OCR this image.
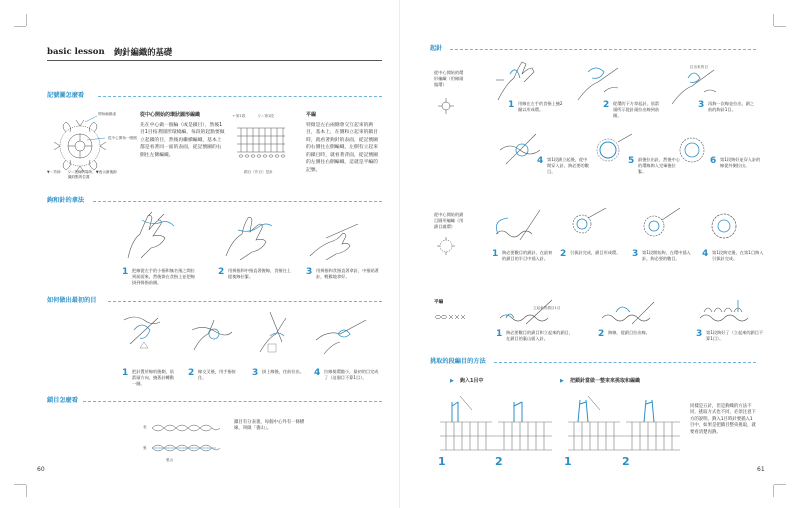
basic lesson 鉤針編織的基礎
記號圖怎麼看
開始編織處
從中心開始一圈圈
▼＝剪線 ▽＝加線的場所，▼表示最後鉤織終點的位置
從中心開始的環狀圓形編織
先在中心做一個輪（或是鎖目），然後1目1目按著圓形環繞編，每段的起點要做立起鎖的目，然後再繼續編織，基本上都是看著同一面的表面，從記號圖的右側往左側編織。
←第1段	▽＝第1段
鎖目（作目）是針
平編
特徵是左右兩側會交互起來的鉤目，基本上，在側和立起來的鎖目時，就看著鉤針的表面，從記號圖的右側往左側編織，左側有立起來的鎖目時，就看著背面，從記號圖的左側往右側編織，這就是平編的記號。
鉤和針的拿法
1 把線從左手的小指和無名指之間拉到前面來，然後掛在食指上並把線掛到拇指前側。
2 用拇指和中指直著握線，食指往上提使線拉緊。	3 用拇指和食指直著拿針，中指貼著針，輕鬆地拿好。
如何做出最初的目
1 把針置於線的後側，依箭頭方向，繞著針轉動一圈。
2 線交叉後，用手指按住。	3 掛上線後，往前拉出。	4 拉線使環縮小，最初的目完成了（這個目不算1目）。
鎖目怎麼看
表
裏
裏山
鎖目有分表裏，每個中心外有一條横線，叫做「裏山」。
60
起針
從中心開始的環形編織（用線頭做環）
拉出來的目
1 用線在左手的食指上繞2圈以形成環。	2 從環的下方拿起針，依箭頭所示從針頭拉出線到前側。
3 再鉤一次線並拉出，鎖之前的鉤針1目。
4 第1段鎖立起後，從中間穿入針，鉤必要的數目。
5 最後拉出針，然後中心的環線鉤入完畢後拉緊。
6 第1段鉤好並穿入針的線從外側拉出。
從中心開始的鎖目圓形編織（用鎖目做環）
1 鉤必要數目的鎖針，在最初的鎖目的半目中插入針。	2 引拔針完成，鎖目形成環。	3 第1段開始鉤，在環中插入針，鉤必要的數目。	4 第1段鉤完後，在第1目鉤入引拔針完成。
平編
立起來的鎖目1目
1 鉤必要數目的鎖目和立起來的鎖目，在鎖目的裏山插入針。	2 鉤線，從鎖目拉出線。	3 第1段鉤好了（立起來的鎖目不算1目）。
挑取的段編目的方法
▶ 鉤入1目中	▶ 把鎖針當做一整束來挑取和編織
1	2	1	2
同樣是五針，但是鉤織的方法不同，挑取方式也不同，必須注意下方的說明。鉤入1目時針要插入1目中，如果是把鎖目整束挑取，就要看清楚再鉤。
61
